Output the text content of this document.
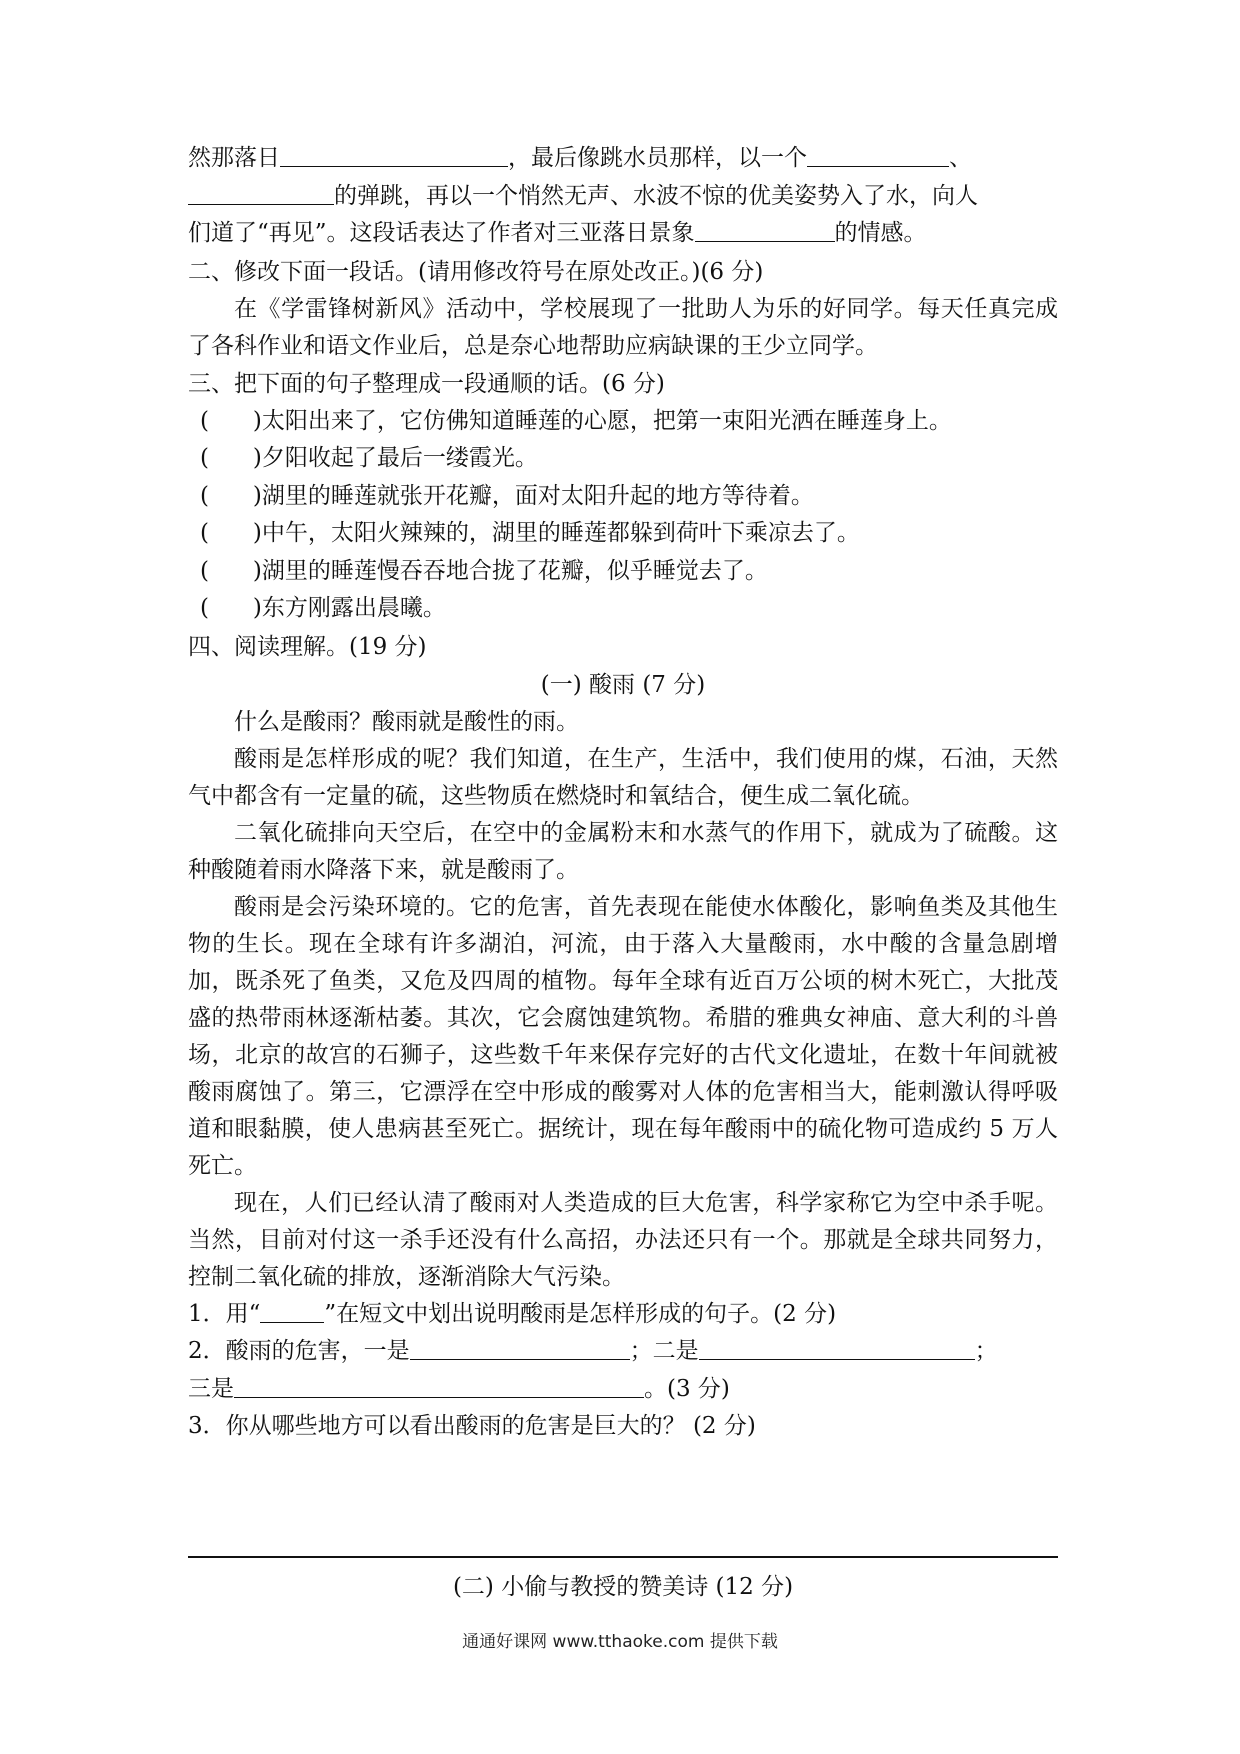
然那落日	，最后像跳水员那样，以一个	、
的弹跳，再以一个悄然无声、水波不惊的优美姿势入了水，向人
们道了“再见”。这段话表达了作者对三亚落日景象	的情感。
二、修改下面一段话。(请用修改符号在原处改正。)(6 分)
在《学雷锋树新风》活动中，学校展现了一批助人为乐的好同学。每天任真完成了各科作业和语文作业后，总是奈心地帮助应病缺课的王少立同学。
三、把下面的句子整理成一段通顺的话。(6 分)
(      )太阳出来了，它仿佛知道睡莲的心愿，把第一束阳光洒在睡莲身上。
(      )夕阳收起了最后一缕霞光。
(      )湖里的睡莲就张开花瓣，面对太阳升起的地方等待着。
(      )中午，太阳火辣辣的，湖里的睡莲都躲到荷叶下乘凉去了。
(      )湖里的睡莲慢吞吞地合拢了花瓣，似乎睡觉去了。
(      )东方刚露出晨曦。
四、阅读理解。(19 分)
(一) 酸雨 (7 分)
什么是酸雨？酸雨就是酸性的雨。
酸雨是怎样形成的呢？我们知道，在生产，生活中，我们使用的煤，石油，天然气中都含有一定量的硫，这些物质在燃烧时和氧结合，便生成二氧化硫。
二氧化硫排向天空后，在空中的金属粉末和水蒸气的作用下，就成为了硫酸。这种酸随着雨水降落下来，就是酸雨了。
酸雨是会污染环境的。它的危害，首先表现在能使水体酸化，影响鱼类及其他生物的生长。现在全球有许多湖泊，河流，由于落入大量酸雨，水中酸的含量急剧增加，既杀死了鱼类，又危及四周的植物。每年全球有近百万公顷的树木死亡，大批茂盛的热带雨林逐渐枯萎。其次，它会腐蚀建筑物。希腊的雅典女神庙、意大利的斗兽场，北京的故宫的石狮子，这些数千年来保存完好的古代文化遗址，在数十年间就被酸雨腐蚀了。第三，它漂浮在空中形成的酸雾对人体的危害相当大，能刺激认得呼吸道和眼黏膜，使人患病甚至死亡。据统计，现在每年酸雨中的硫化物可造成约 5 万人死亡。
现在，人们已经认清了酸雨对人类造成的巨大危害，科学家称它为空中杀手呢。当然，目前对付这一杀手还没有什么高招，办法还只有一个。那就是全球共同努力，控制二氧化硫的排放，逐渐消除大气污染。
1．用“	”在短文中划出说明酸雨是怎样形成的句子。(2 分)
2．酸雨的危害，一是	；二是	；
三是	。(3 分)
3．你从哪些地方可以看出酸雨的危害是巨大的？ (2 分)
(二) 小偷与教授的赞美诗 (12 分)
通通好课网 www.tthaoke.com 提供下载
